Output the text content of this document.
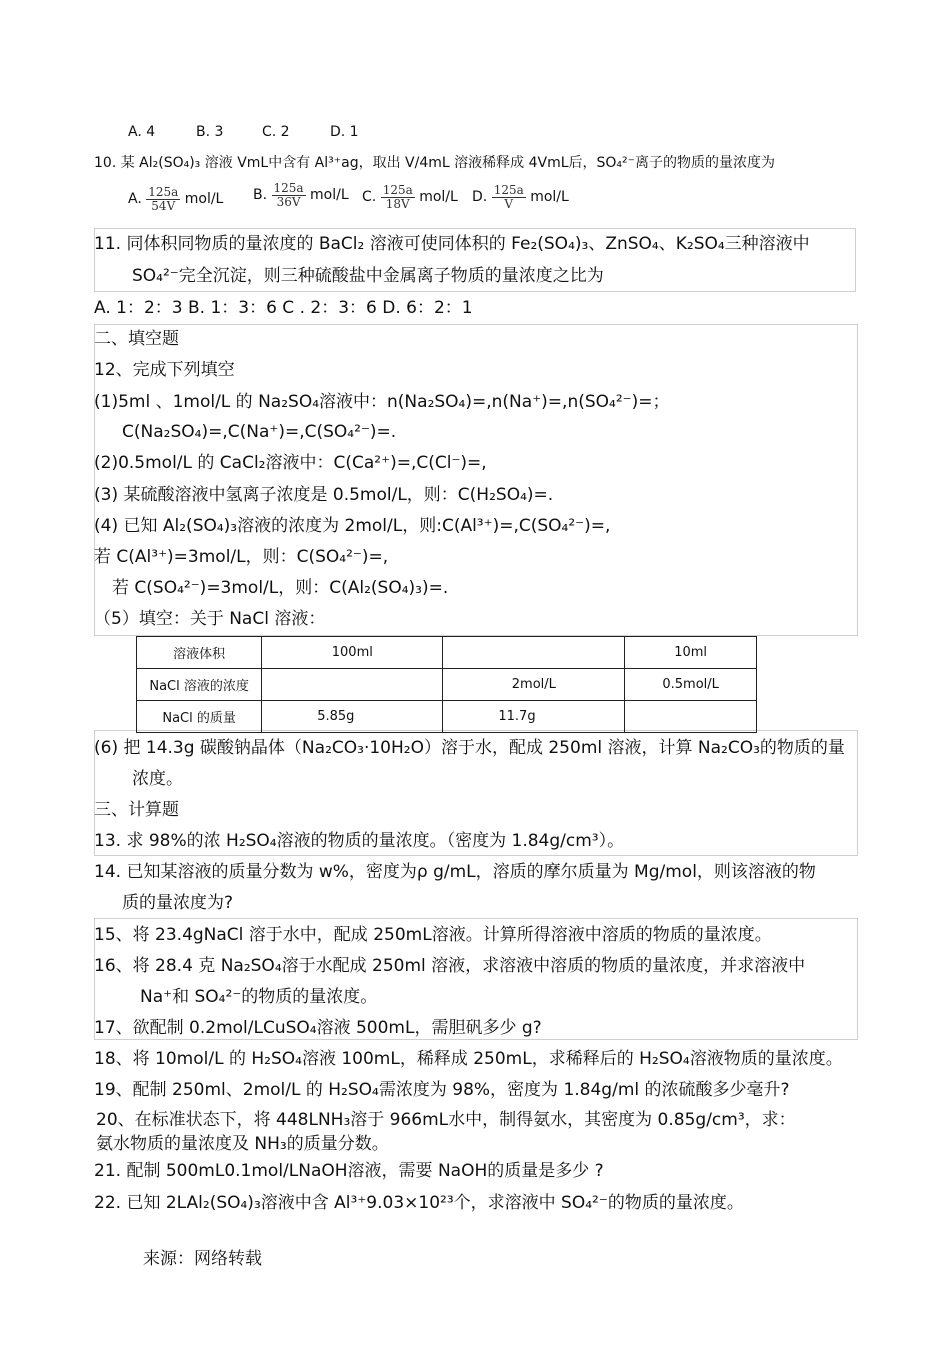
A. 4	B. 3	C. 2	D. 1
10. 某 Al₂(SO₄)₃ 溶液 VmL中含有 Al³⁺ag，取出 V/4mL 溶液稀释成 4VmL后，SO₄²⁻离子的物质的量浓度为
A. $\frac{125a}{54V} mol/L$ B. $\frac{125a}{36V} mol/L$ C. $\frac{125a}{18V} mol/L$ D. $\frac{125a}{V} mol/L$
11. 同体积同物质的量浓度的 BaCl₂ 溶液可使同体积的 Fe₂(SO₄)₃、ZnSO₄、K₂SO₄三种溶液中
SO₄²⁻完全沉淀，则三种硫酸盐中金属离子物质的量浓度之比为
A. 1：2：3 B. 1：3：6 C . 2：3：6 D. 6：2：1
二、填空题
12、完成下列填空
(1)5ml 、1mol/L 的 Na₂SO₄溶液中：n(Na₂SO₄)=,n(Na⁺)=,n(SO₄²⁻)=；
C(Na₂SO₄)=,C(Na⁺)=,C(SO₄²⁻)=.
(2)0.5mol/L 的 CaCl₂溶液中：C(Ca²⁺)=,C(Cl⁻)=,
(3) 某硫酸溶液中氢离子浓度是 0.5mol/L，则：C(H₂SO₄)=.
(4) 已知 Al₂(SO₄)₃溶液的浓度为 2mol/L，则:C(Al³⁺)=,C(SO₄²⁻)=,
若 C(Al³⁺)=3mol/L，则：C(SO₄²⁻)=,
若 C(SO₄²⁻)=3mol/L，则：C(Al₂(SO₄)₃)=.
（5）填空：关于 NaCl 溶液：
溶液体积	100ml		10ml

NaCl 溶液的浓度		2mol/L	0.5mol/L

NaCl 的质量	5.85g	11.7g	

(6) 把 14.3g 碳酸钠晶体（Na₂CO₃·10H₂O）溶于水，配成 250ml 溶液，计算 Na₂CO₃的物质的量
浓度。
三、计算题
13. 求 98%的浓 H₂SO₄溶液的物质的量浓度。（密度为 1.84g/cm³）。
14. 已知某溶液的质量分数为 w%，密度为ρ g/mL，溶质的摩尔质量为 Mg/mol，则该溶液的物
质的量浓度为?
15、将 23.4gNaCl 溶于水中，配成 250mL溶液。计算所得溶液中溶质的物质的量浓度。
16、将 28.4 克 Na₂SO₄溶于水配成 250ml 溶液，求溶液中溶质的物质的量浓度，并求溶液中
Na⁺和 SO₄²⁻的物质的量浓度。
17、欲配制 0.2mol/LCuSO₄溶液 500mL，需胆矾多少 g?
18、将 10mol/L 的 H₂SO₄溶液 100mL，稀释成 250mL，求稀释后的 H₂SO₄溶液物质的量浓度。
19、配制 250ml、2mol/L 的 H₂SO₄需浓度为 98%，密度为 1.84g/ml 的浓硫酸多少毫升?
20、在标准状态下，将 448LNH₃溶于 966mL水中，制得氨水，其密度为 0.85g/cm³，求：
氨水物质的量浓度及 NH₃的质量分数。
21. 配制 500mL0.1mol/LNaOH溶液，需要 NaOH的质量是多少 ?
22. 已知 2LAl₂(SO₄)₃溶液中含 Al³⁺9.03×10²³个，求溶液中 SO₄²⁻的物质的量浓度。
来源：网络转载
